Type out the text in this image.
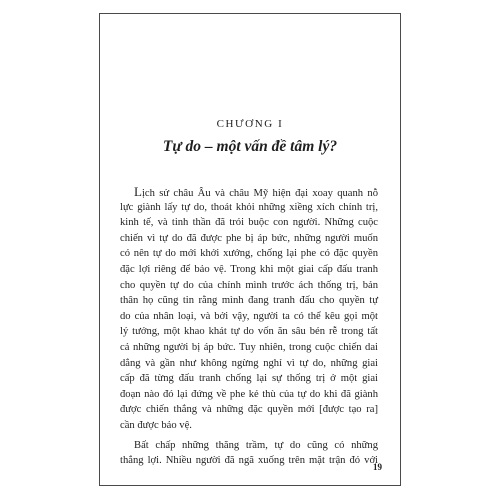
CHƯƠNG I
Tự do – một vấn đề tâm lý?
Lịch sử châu Âu và châu Mỹ hiện đại xoay quanh nỗ
lực giành lấy tự do, thoát khỏi những xiềng xích chính trị,
kinh tế, và tinh thần đã trói buộc con người. Những cuộc
chiến vì tự do đã được phe bị áp bức, những người muốn
có nên tự do mới khởi xướng, chống lại phe có đặc quyền
đặc lợi riêng để bảo vệ. Trong khi một giai cấp đấu tranh
cho quyền tự do của chính mình trước ách thống trị, bản
thân họ cũng tin rằng mình đang tranh đấu cho quyền tự
do của nhân loại, và bởi vậy, người ta có thể kêu gọi một
lý tưởng, một khao khát tự do vốn ăn sâu bén rễ trong tất
cả những người bị áp bức. Tuy nhiên, trong cuộc chiến dai
dẳng và gần như không ngừng nghỉ vì tự do, những giai
cấp đã từng đấu tranh chống lại sự thống trị ở một giai
đoạn nào đó lại đứng về phe kẻ thù của tự do khi đã giành
được chiến thắng và những đặc quyền mới [được tạo ra]
cần được bảo vệ.
Bất chấp những thăng trầm, tự do cũng có những
thắng lợi. Nhiều người đã ngã xuống trên mặt trận đó với
19
